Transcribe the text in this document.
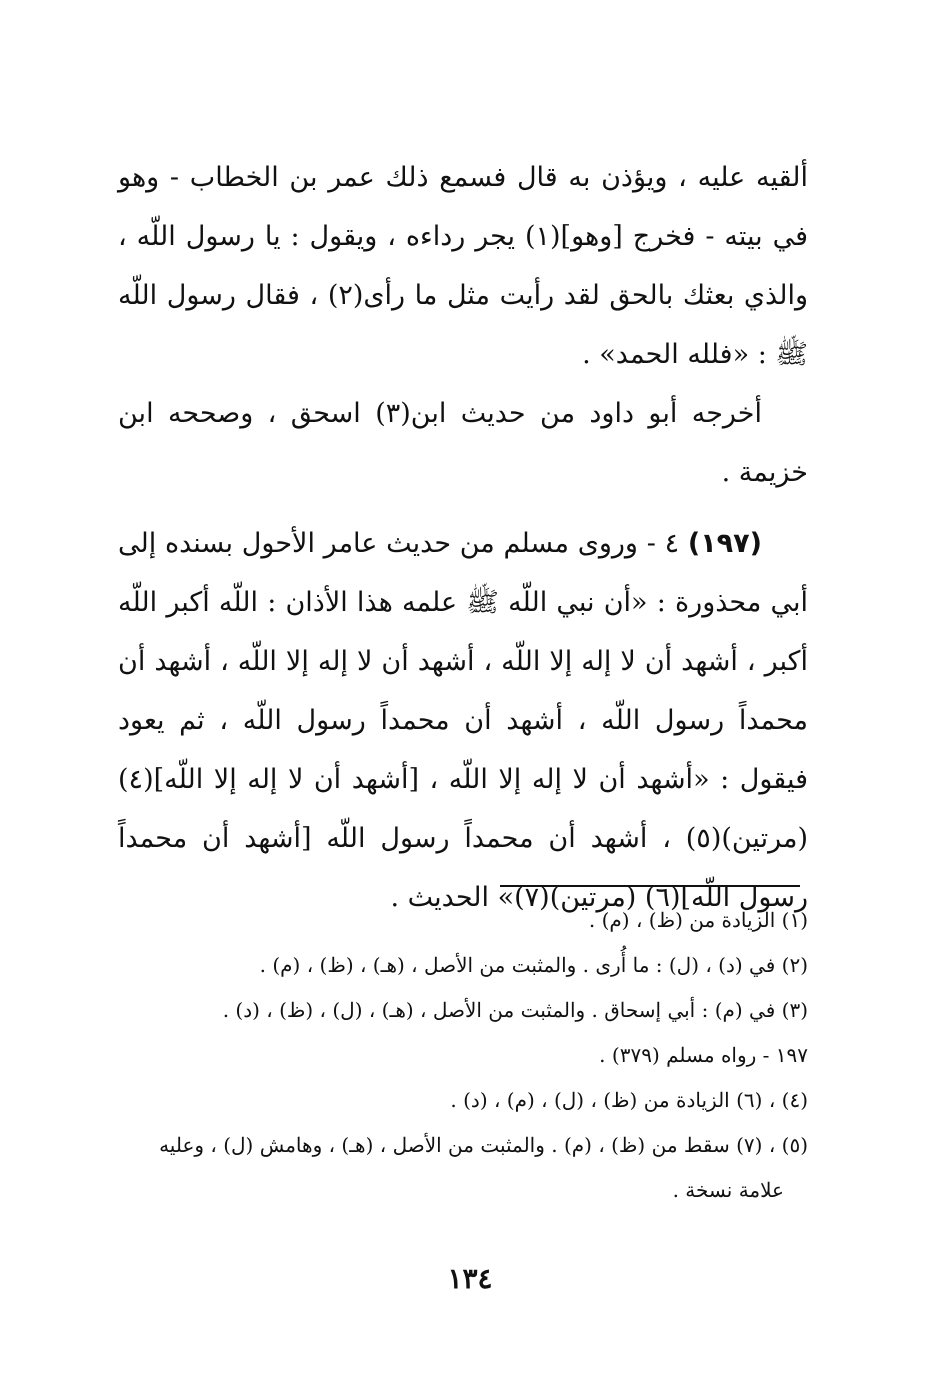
ألقيه عليه ، ويؤذن به قال فسمع ذلك عمر بن الخطاب - وهو في بيته - فخرج [وهو](١) يجر رداءه ، ويقول : يا رسول اللّه ، والذي بعثك بالحق لقد رأيت مثل ما رأى(٢) ، فقال رسول اللّه ﷺ : «فلله الحمد» .

أخرجه أبو داود من حديث ابن(٣) اسحق ، وصححه ابن خزيمة .

(١٩٧) ٤ - وروى مسلم من حديث عامر الأحول بسنده إلى أبي محذورة : «أن نبي اللّه ﷺ علمه هذا الأذان : اللّه أكبر اللّه أكبر ، أشهد أن لا إله إلا اللّه ، أشهد أن لا إله إلا اللّه ، أشهد أن محمداً رسول اللّه ، أشهد أن محمداً رسول اللّه ، ثم يعود فيقول : «أشهد أن لا إله إلا اللّه ، [أشهد أن لا إله إلا اللّه](٤) (مرتين)(٥) ، أشهد أن محمداً رسول اللّه [أشهد أن محمداً رسول اللّه](٦) (مرتين)(٧)» الحديث .

(١) الزيادة من (ظ) ، (م) .

(٢) في (د) ، (ل) : ما أُرى . والمثبت من الأصل ، (هـ) ، (ظ) ، (م) .

(٣) في (م) : أبي إسحاق . والمثبت من الأصل ، (هـ) ، (ل) ، (ظ) ، (د) .

١٩٧ - رواه مسلم (٣٧٩) .

(٤) ، (٦) الزيادة من (ظ) ، (ل) ، (م) ، (د) .

(٥) ، (٧) سقط من (ظ) ، (م) . والمثبت من الأصل ، (هـ) ، وهامش (ل) ، وعليه

علامة نسخة .

١٣٤
